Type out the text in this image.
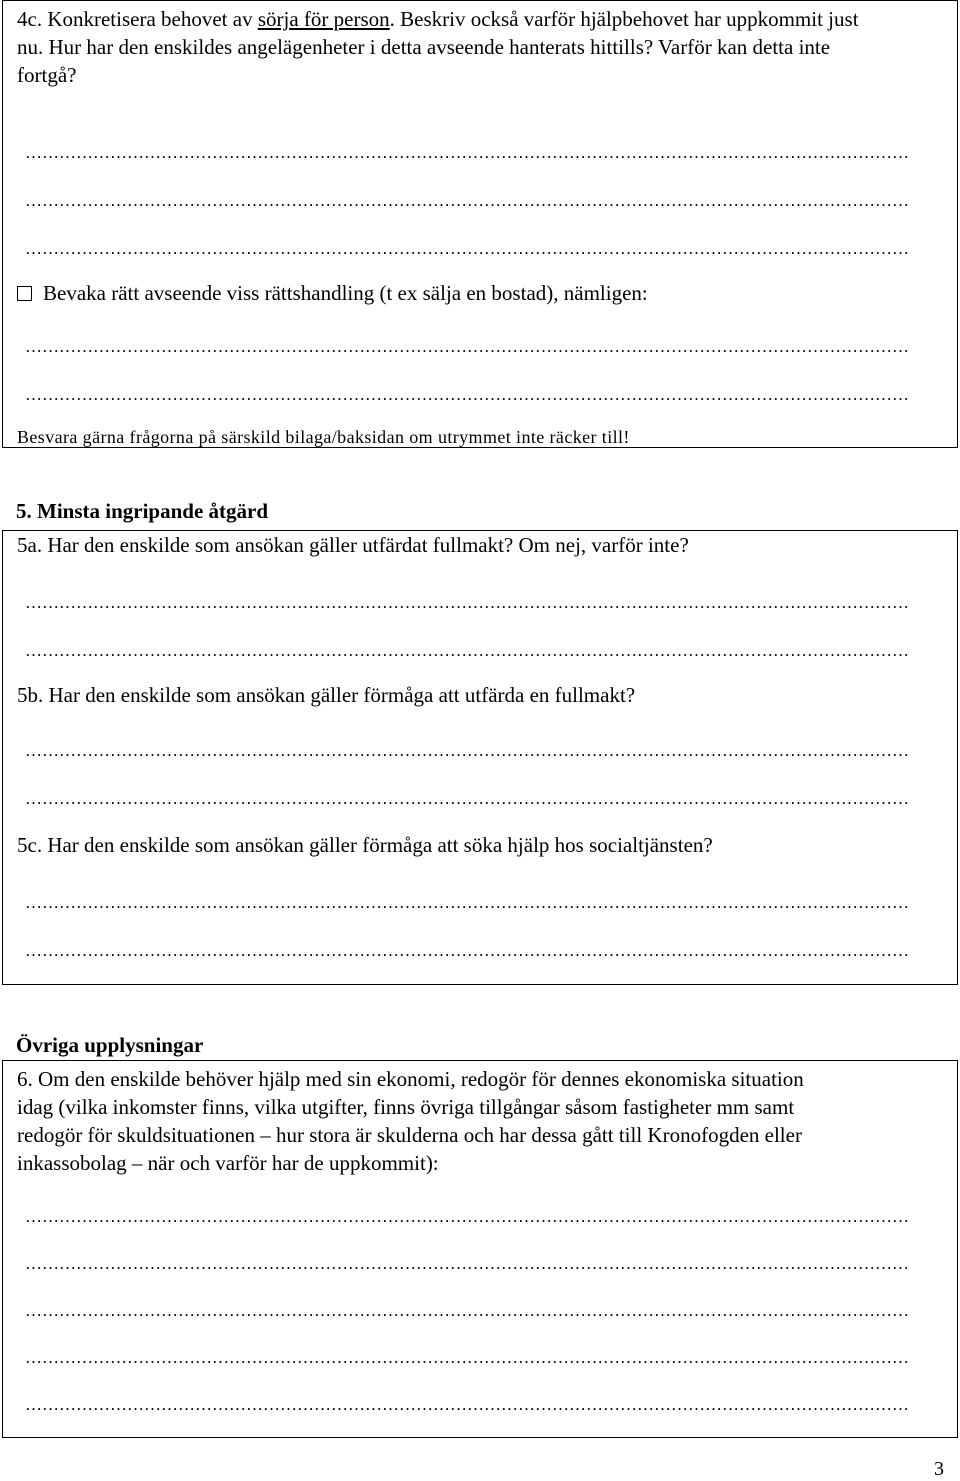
4c. Konkretisera behovet av sörja för person. Beskriv också varför hjälpbehovet har uppkommit just
nu. Hur har den enskildes angelägenheter i detta avseende hanterats hittills? Varför kan detta inte
fortgå?
…………………………………………………………………………………………………………………………………………
…………………………………………………………………………………………………………………………………………
…………………………………………………………………………………………………………………………………………
Bevaka rätt avseende viss rättshandling (t ex sälja en bostad), nämligen:
…………………………………………………………………………………………………………………………………………
…………………………………………………………………………………………………………………………………………
Besvara gärna frågorna på särskild bilaga/baksidan om utrymmet inte räcker till!
5. Minsta ingripande åtgärd
5a. Har den enskilde som ansökan gäller utfärdat fullmakt? Om nej, varför inte?
…………………………………………………………………………………………………………………………………………
…………………………………………………………………………………………………………………………………………
5b. Har den enskilde som ansökan gäller förmåga att utfärda en fullmakt?
…………………………………………………………………………………………………………………………………………
…………………………………………………………………………………………………………………………………………
5c. Har den enskilde som ansökan gäller förmåga att söka hjälp hos socialtjänsten?
…………………………………………………………………………………………………………………………………………
…………………………………………………………………………………………………………………………………………
Övriga upplysningar
6. Om den enskilde behöver hjälp med sin ekonomi, redogör för dennes ekonomiska situation
idag (vilka inkomster finns, vilka utgifter, finns övriga tillgångar såsom fastigheter mm samt
redogör för skuldsituationen – hur stora är skulderna och har dessa gått till Kronofogden eller
inkassobolag – när och varför har de uppkommit):
…………………………………………………………………………………………………………………………………………
…………………………………………………………………………………………………………………………………………
…………………………………………………………………………………………………………………………………………
…………………………………………………………………………………………………………………………………………
…………………………………………………………………………………………………………………………………………
3
